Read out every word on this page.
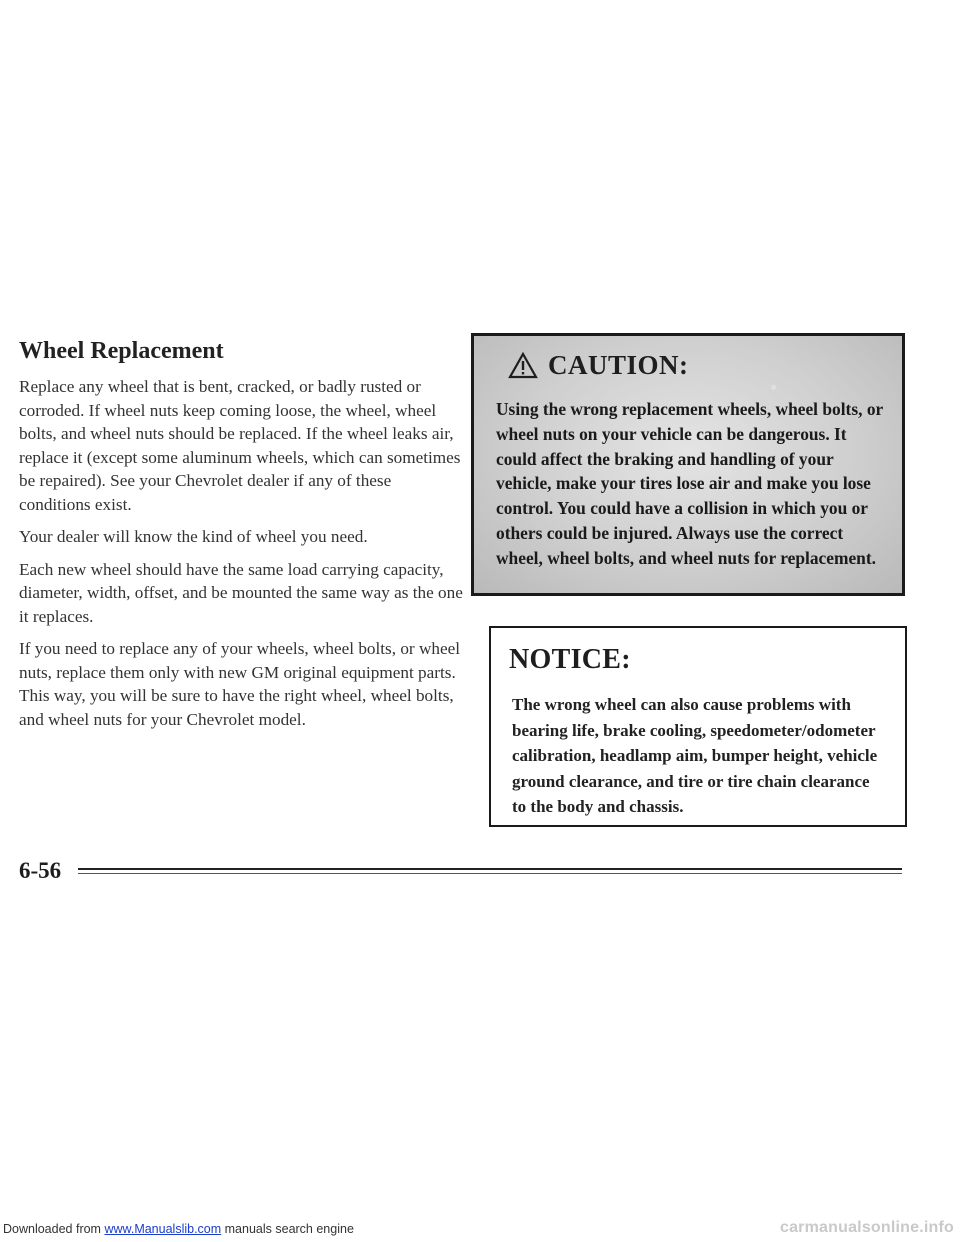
Wheel Replacement

Replace any wheel that is bent, cracked, or badly rusted or corroded. If wheel nuts keep coming loose, the wheel, wheel bolts, and wheel nuts should be replaced. If the wheel leaks air, replace it (except some aluminum wheels, which can sometimes be repaired). See your Chevrolet dealer if any of these conditions exist.

Your dealer will know the kind of wheel you need.

Each new wheel should have the same load carrying capacity, diameter, width, offset, and be mounted the same way as the one it replaces.

If you need to replace any of your wheels, wheel bolts, or wheel nuts, replace them only with new GM original equipment parts. This way, you will be sure to have the right wheel, wheel bolts, and wheel nuts for your Chevrolet model.

CAUTION:
Using the wrong replacement wheels, wheel bolts, or wheel nuts on your vehicle can be dangerous. It could affect the braking and handling of your vehicle, make your tires lose air and make you lose control. You could have a collision in which you or others could be injured. Always use the correct wheel, wheel bolts, and wheel nuts for replacement.
NOTICE:
The wrong wheel can also cause problems with bearing life, brake cooling, speedometer/odometer calibration, headlamp aim, bumper height, vehicle ground clearance, and tire or tire chain clearance to the body and chassis.
6-56
Downloaded from www.Manualslib.com manuals search engine	carmanualsonline.info
